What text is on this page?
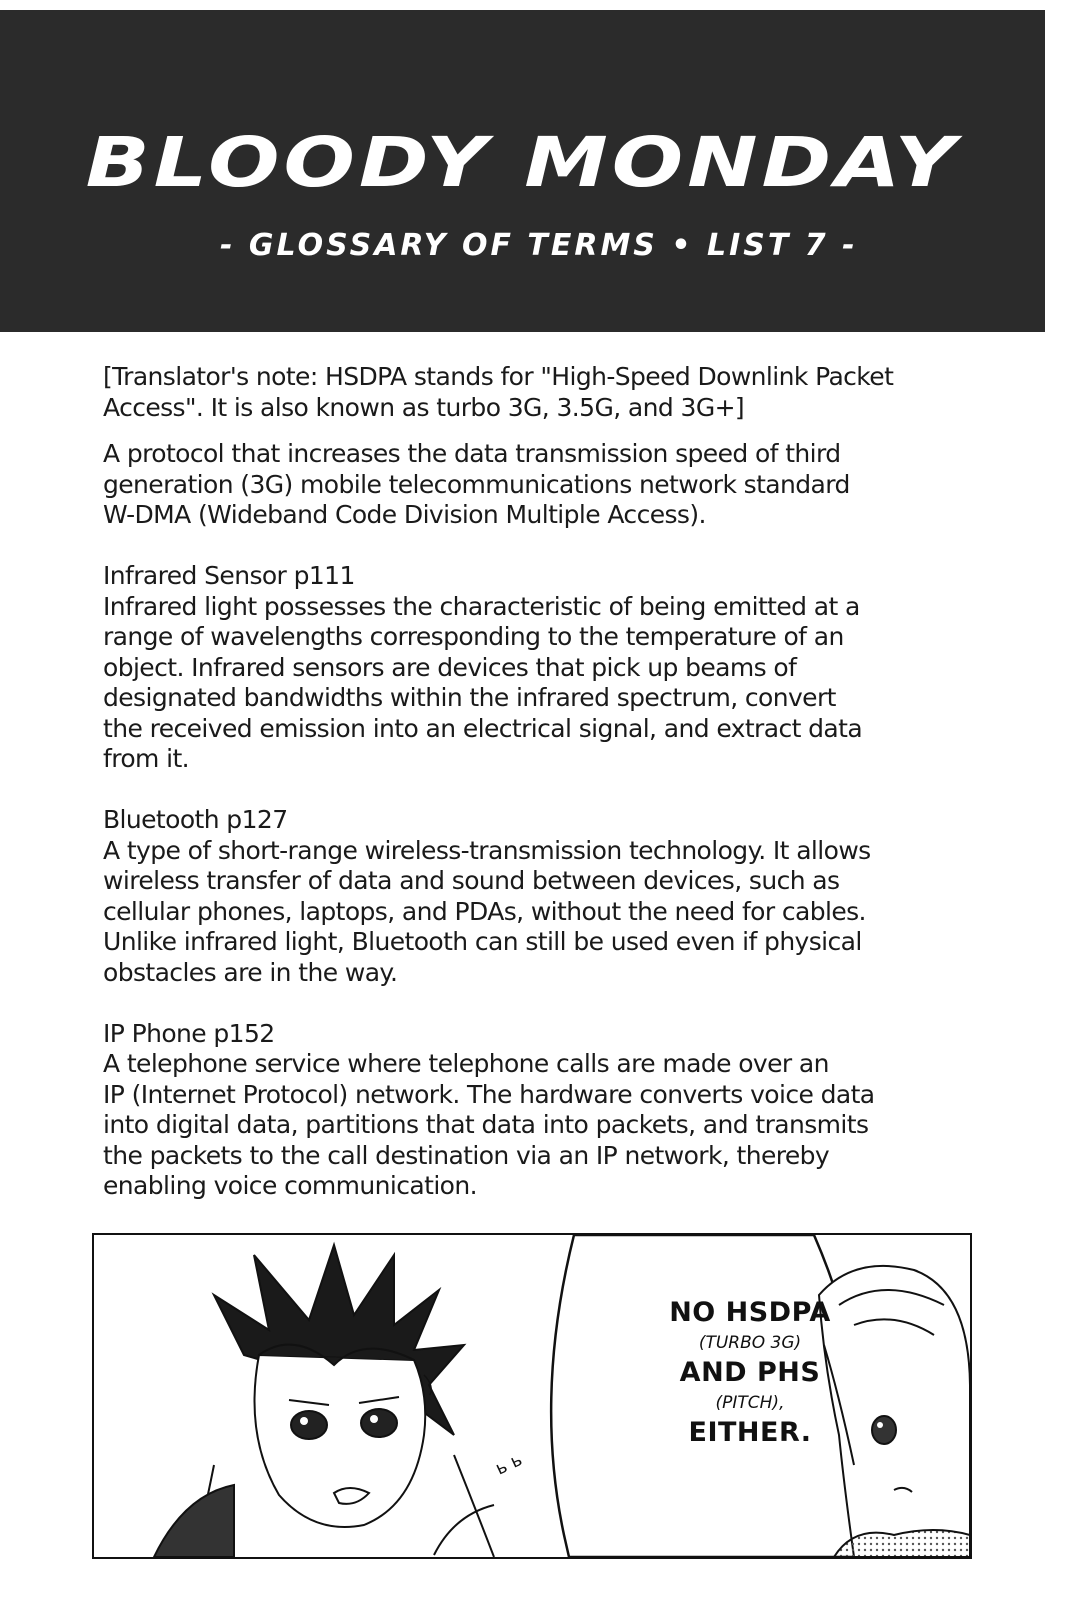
BLOODY MONDAY
- GLOSSARY OF TERMS • LIST 7 -

[Translator's note: HSDPA stands for "High-Speed Downlink Packet

Access". It is also known as turbo 3G, 3.5G, and 3G+]

A protocol that increases the data transmission speed of third

generation (3G) mobile telecommunications network standard

W-DMA (Wideband Code Division Multiple Access).

Infrared Sensor p111

Infrared light possesses the characteristic of being emitted at a

range of wavelengths corresponding to the temperature of an

object. Infrared sensors are devices that pick up beams of

designated bandwidths within the infrared spectrum, convert

the received emission into an electrical signal, and extract data

from it.

Bluetooth p127

A type of short-range wireless-transmission technology. It allows

wireless transfer of data and sound between devices, such as

cellular phones, laptops, and PDAs, without the need for cables.

Unlike infrared light, Bluetooth can still be used even if physical

obstacles are in the way.

IP Phone p152

A telephone service where telephone calls are made over an

IP (Internet Protocol) network. The hardware converts voice data

into digital data, partitions that data into packets, and transmits

the packets to the call destination via an IP network, thereby

enabling voice communication.

ь ь
NO HSDPA
(TURBO 3G)
AND PHS
(PITCH),
EITHER.
